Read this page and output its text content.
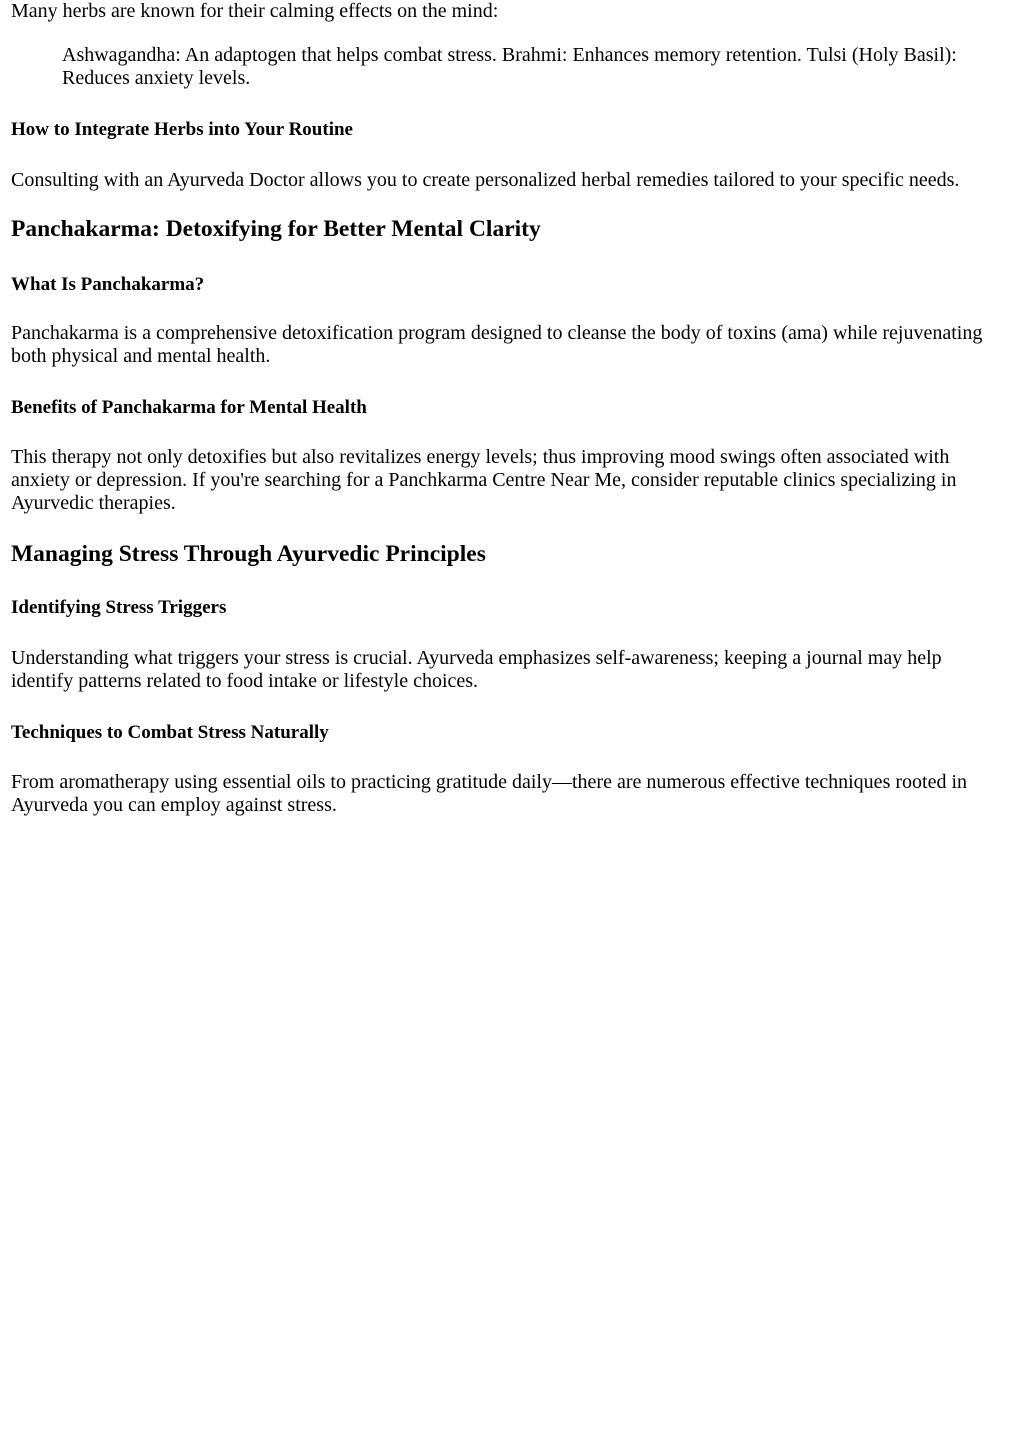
Many herbs are known for their calming effects on the mind:

Ashwagandha: An adaptogen that helps combat stress. Brahmi: Enhances memory retention. Tulsi (Holy Basil): Reduces anxiety levels.
How to Integrate Herbs into Your Routine

Consulting with an Ayurveda Doctor allows you to create personalized herbal remedies tailored to your specific needs.

Panchakarma: Detoxifying for Better Mental Clarity
What Is Panchakarma?

Panchakarma is a comprehensive detoxification program designed to cleanse the body of toxins (ama) while rejuvenating both physical and mental health.

Benefits of Panchakarma for Mental Health

This therapy not only detoxifies but also revitalizes energy levels; thus improving mood swings often associated with anxiety or depression. If you're searching for a Panchkarma Centre Near Me, consider reputable clinics specializing in Ayurvedic therapies.

Managing Stress Through Ayurvedic Principles
Identifying Stress Triggers

Understanding what triggers your stress is crucial. Ayurveda emphasizes self-awareness; keeping a journal may help identify patterns related to food intake or lifestyle choices.

Techniques to Combat Stress Naturally

From aromatherapy using essential oils to practicing gratitude daily—there are numerous effective techniques rooted in Ayurveda you can employ against stress.
